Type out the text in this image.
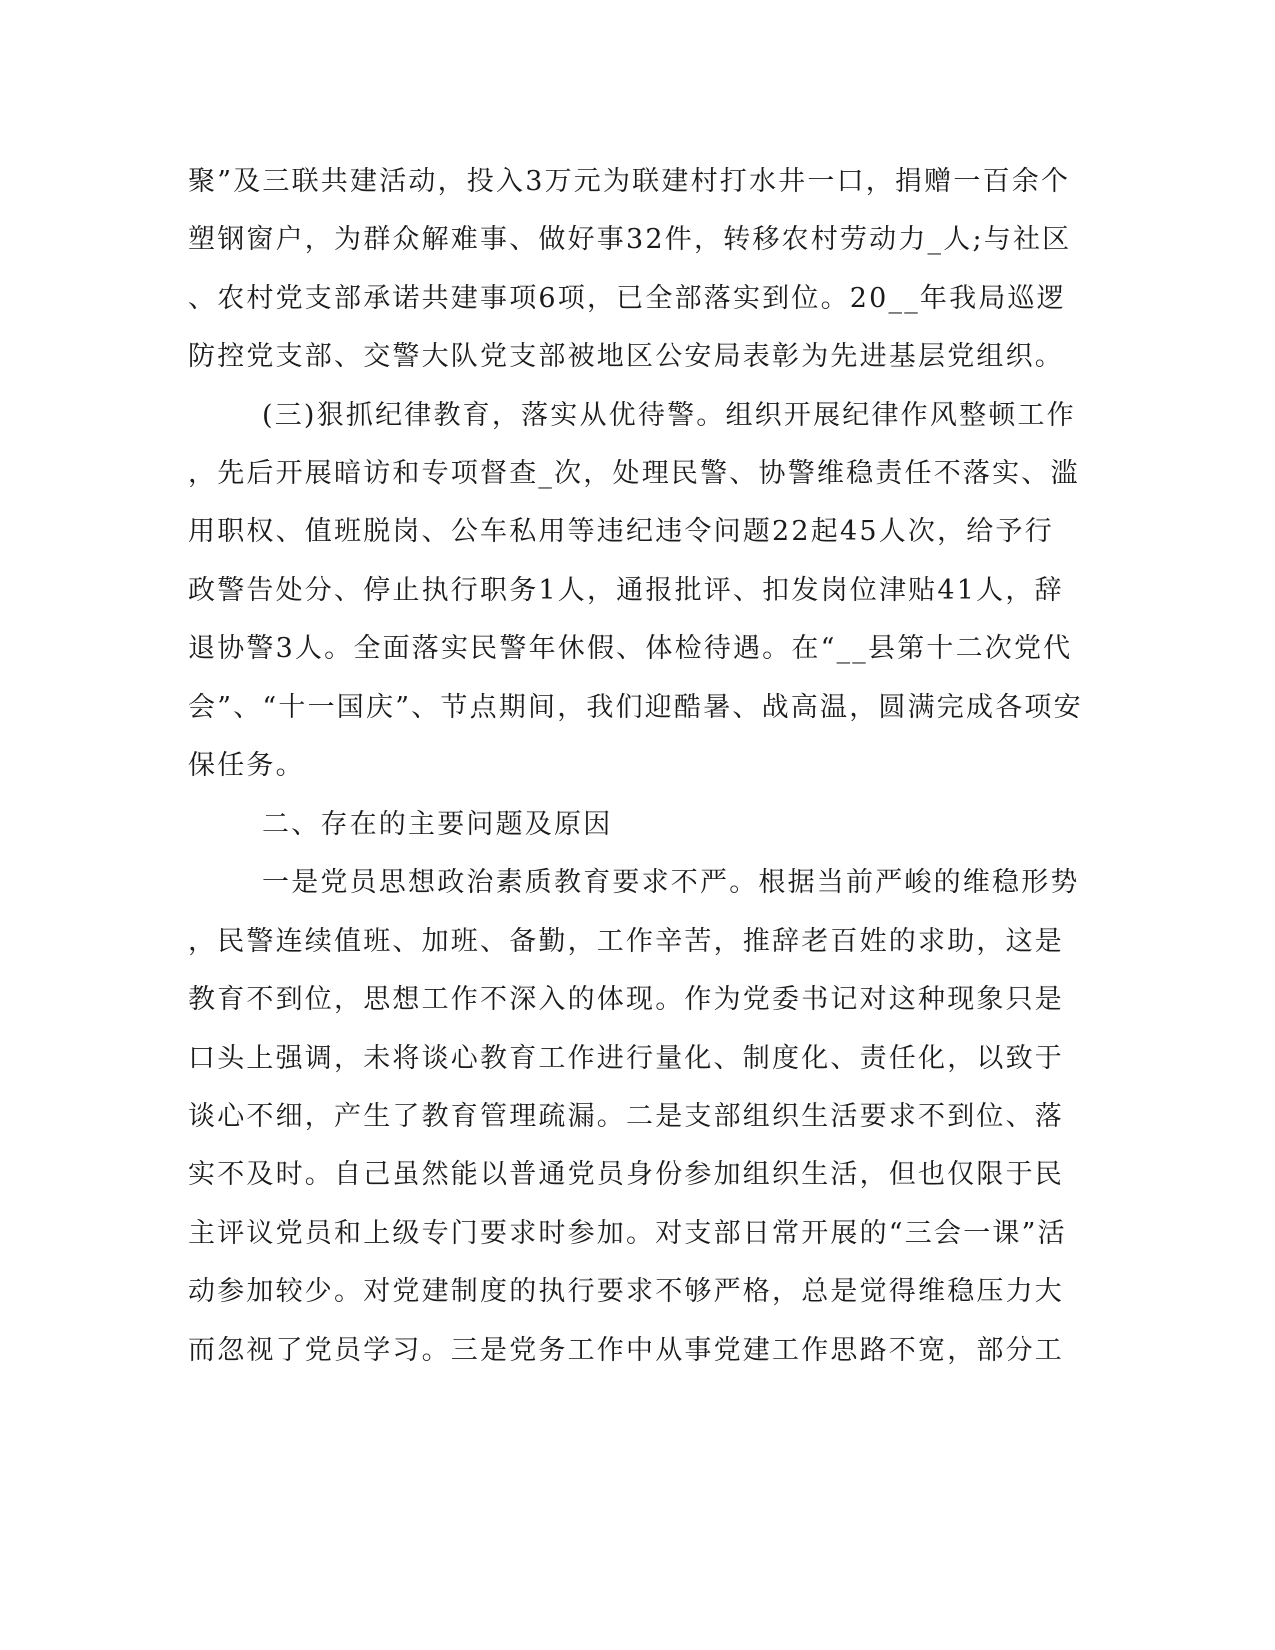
聚”及三联共建活动，投入3万元为联建村打水井一口，捐赠一百余个
塑钢窗户，为群众解难事、做好事32件，转移农村劳动力_人;与社区
、农村党支部承诺共建事项6项，已全部落实到位。20__年我局巡逻
防控党支部、交警大队党支部被地区公安局表彰为先进基层党组织。
(三)狠抓纪律教育，落实从优待警。组织开展纪律作风整顿工作
，先后开展暗访和专项督查_次，处理民警、协警维稳责任不落实、滥
用职权、值班脱岗、公车私用等违纪违令问题22起45人次，给予行
政警告处分、停止执行职务1人，通报批评、扣发岗位津贴41人，辞
退协警3人。全面落实民警年休假、体检待遇。在“__县第十二次党代
会”、“十一国庆”、节点期间，我们迎酷暑、战高温，圆满完成各项安
保任务。
二、存在的主要问题及原因
一是党员思想政治素质教育要求不严。根据当前严峻的维稳形势
，民警连续值班、加班、备勤，工作辛苦，推辞老百姓的求助，这是
教育不到位，思想工作不深入的体现。作为党委书记对这种现象只是
口头上强调，未将谈心教育工作进行量化、制度化、责任化，以致于
谈心不细，产生了教育管理疏漏。二是支部组织生活要求不到位、落
实不及时。自己虽然能以普通党员身份参加组织生活，但也仅限于民
主评议党员和上级专门要求时参加。对支部日常开展的“三会一课”活
动参加较少。对党建制度的执行要求不够严格，总是觉得维稳压力大
而忽视了党员学习。三是党务工作中从事党建工作思路不宽，部分工
